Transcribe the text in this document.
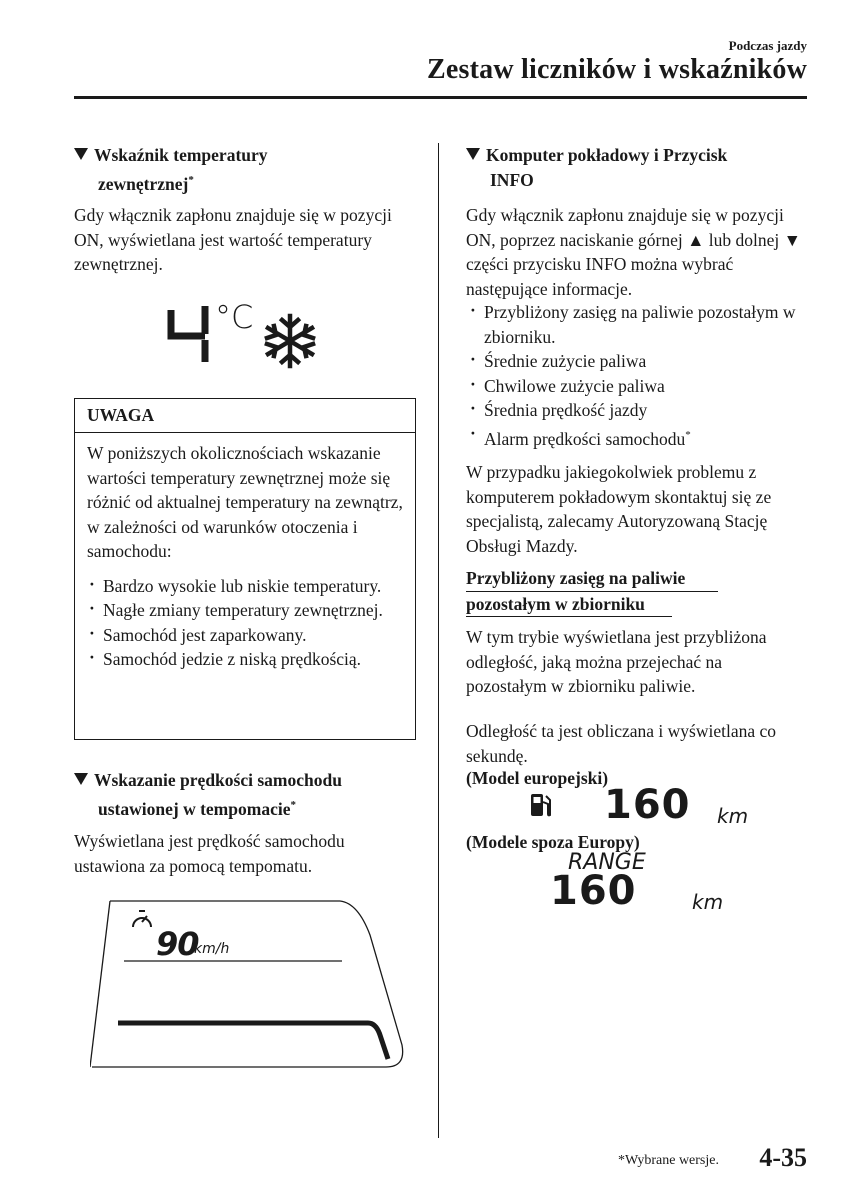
Podczas jazdy
Zestaw liczników i wskaźników
Wskaźnik temperatury
zewnętrznej*
Gdy włącznik zapłonu znajduje się w pozycji ON, wyświetlana jest wartość temperatury zewnętrznej.
°C
UWAGA
W poniższych okolicznościach wskazanie wartości temperatury zewnętrznej może się różnić od aktualnej temperatury na zewnątrz, w zależności od warunków otoczenia i samochodu:
· Bardzo wysokie lub niskie temperatury.
· Nagłe zmiany temperatury zewnętrznej.
· Samochód jest zaparkowany.
· Samochód jedzie z niską prędkością.
Wskazanie prędkości samochodu
ustawionej w tempomacie*
Wyświetlana jest prędkość samochodu ustawiona za pomocą tempomatu.
90
km/h
Komputer pokładowy i Przycisk
INFO
Gdy włącznik zapłonu znajduje się w pozycji ON, poprzez naciskanie górnej ▲ lub dolnej ▼ części przycisku INFO można wybrać następujące informacje.
· Przybliżony zasięg na paliwie pozostałym w zbiorniku.
· Średnie zużycie paliwa
· Chwilowe zużycie paliwa
· Średnia prędkość jazdy
· Alarm prędkości samochodu*
W przypadku jakiegokolwiek problemu z komputerem pokładowym skontaktuj się ze specjalistą, zalecamy Autoryzowaną Stację Obsługi Mazdy.
Przybliżony zasięg na paliwie
pozostałym w zbiorniku
W tym trybie wyświetlana jest przybliżona odległość, jaką można przejechać na pozostałym w zbiorniku paliwie.
Odległość ta jest obliczana i wyświetlana co sekundę.
(Model europejski)
160 km
(Modele spoza Europy)
RANGE
160	km
*Wybrane wersje. 4-35
